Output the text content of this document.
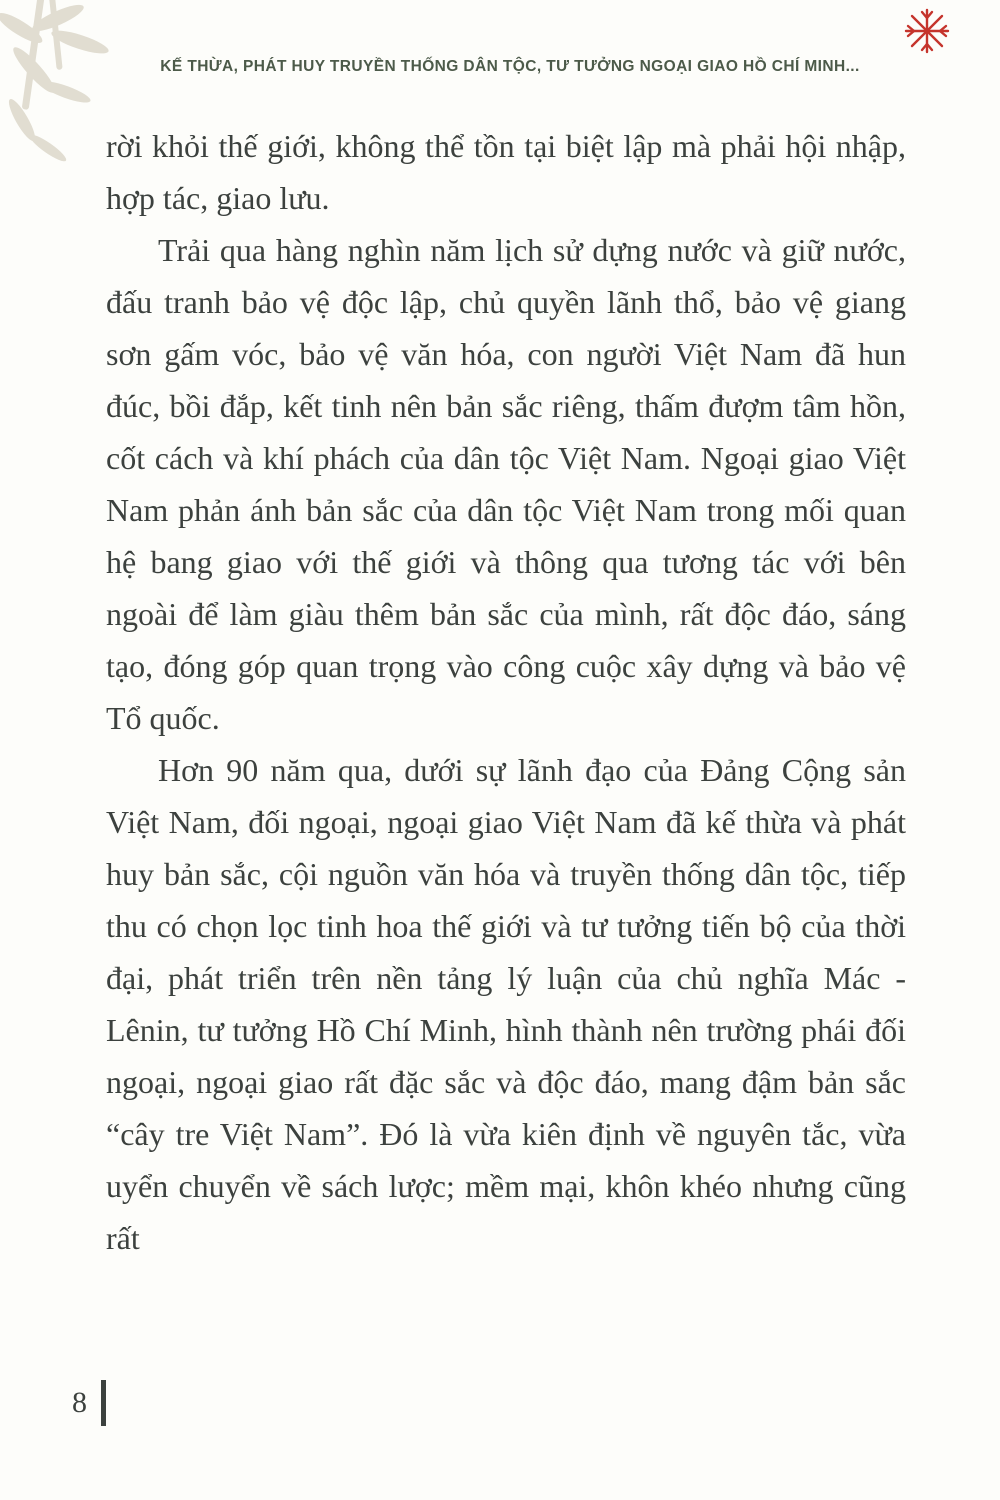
KẾ THỪA, PHÁT HUY TRUYỀN THỐNG DÂN TỘC, TƯ TƯỞNG NGOẠI GIAO HỒ CHÍ MINH...

rời khỏi thế giới, không thể tồn tại biệt lập mà phải hội nhập, hợp tác, giao lưu.

Trải qua hàng nghìn năm lịch sử dựng nước và giữ nước, đấu tranh bảo vệ độc lập, chủ quyền lãnh thổ, bảo vệ giang sơn gấm vóc, bảo vệ văn hóa, con người Việt Nam đã hun đúc, bồi đắp, kết tinh nên bản sắc riêng, thấm đượm tâm hồn, cốt cách và khí phách của dân tộc Việt Nam. Ngoại giao Việt Nam phản ánh bản sắc của dân tộc Việt Nam trong mối quan hệ bang giao với thế giới và thông qua tương tác với bên ngoài để làm giàu thêm bản sắc của mình, rất độc đáo, sáng tạo, đóng góp quan trọng vào công cuộc xây dựng và bảo vệ Tổ quốc.

Hơn 90 năm qua, dưới sự lãnh đạo của Đảng Cộng sản Việt Nam, đối ngoại, ngoại giao Việt Nam đã kế thừa và phát huy bản sắc, cội nguồn văn hóa và truyền thống dân tộc, tiếp thu có chọn lọc tinh hoa thế giới và tư tưởng tiến bộ của thời đại, phát triển trên nền tảng lý luận của chủ nghĩa Mác - Lênin, tư tưởng Hồ Chí Minh, hình thành nên trường phái đối ngoại, ngoại giao rất đặc sắc và độc đáo, mang đậm bản sắc “cây tre Việt Nam”. Đó là vừa kiên định về nguyên tắc, vừa uyển chuyển về sách lược; mềm mại, khôn khéo nhưng cũng rất

8
